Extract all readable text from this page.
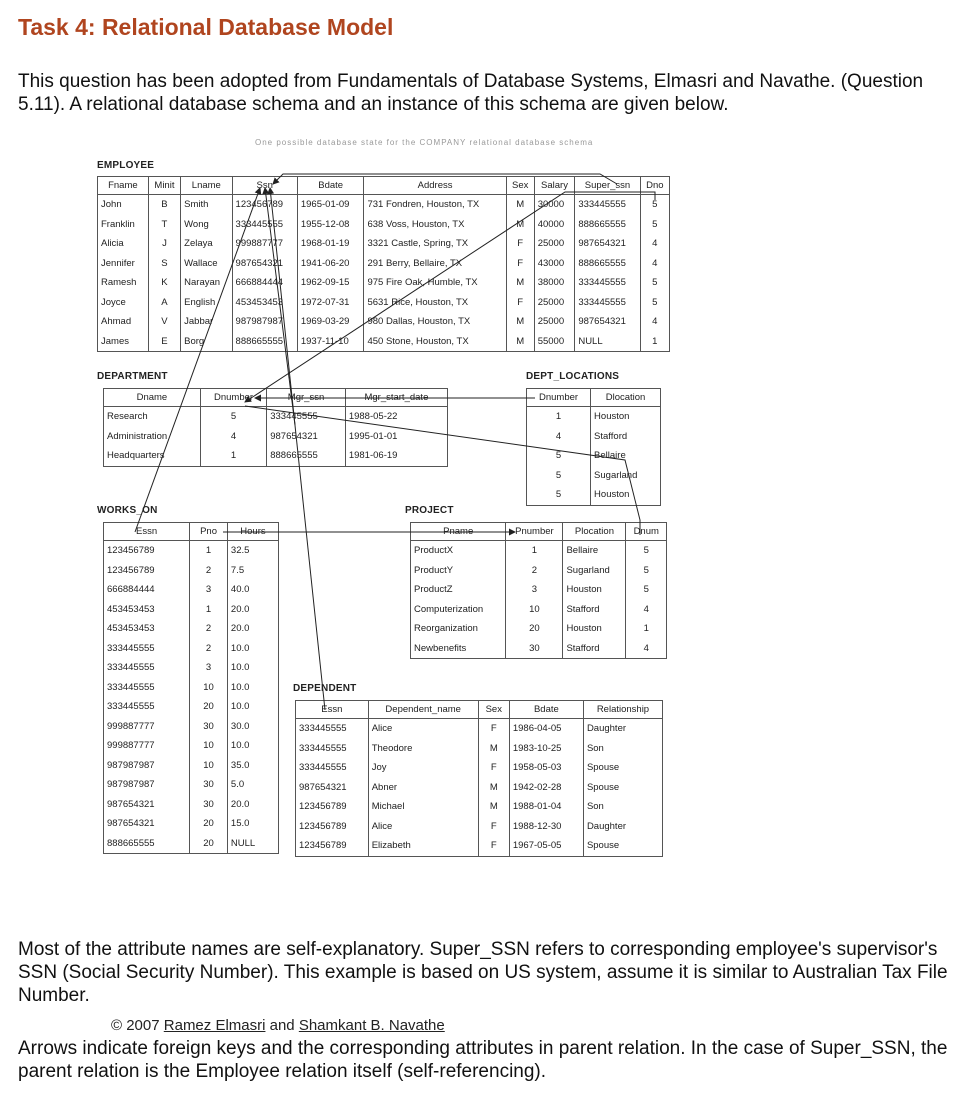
Task 4: Relational Database Model

This question has been adopted from Fundamentals of Database Systems, Elmasri and Navathe. (Question 5.11). A relational database schema and an instance of this schema are given below.

One possible database state for the COMPANY relational database schema
EMPLOYEE
Fname	Minit	Lname	Ssn	Bdate	Address	Sex	Salary	Super_ssn	Dno
John	B	Smith	123456789	1965-01-09	731 Fondren, Houston, TX	M	30000	333445555	5
Franklin	T	Wong	333445555	1955-12-08	638 Voss, Houston, TX	M	40000	888665555	5
Alicia	J	Zelaya	999887777	1968-01-19	3321 Castle, Spring, TX	F	25000	987654321	4
Jennifer	S	Wallace	987654321	1941-06-20	291 Berry, Bellaire, TX	F	43000	888665555	4
Ramesh	K	Narayan	666884444	1962-09-15	975 Fire Oak, Humble, TX	M	38000	333445555	5
Joyce	A	English	453453453	1972-07-31	5631 Rice, Houston, TX	F	25000	333445555	5
Ahmad	V	Jabbar	987987987	1969-03-29	980 Dallas, Houston, TX	M	25000	987654321	4
James	E	Borg	888665555	1937-11-10	450 Stone, Houston, TX	M	55000	NULL	1
DEPARTMENT
Dname	Dnumber	Mgr_ssn	Mgr_start_date
Research	5	333445555	1988-05-22
Administration	4	987654321	1995-01-01
Headquarters	1	888665555	1981-06-19
DEPT_LOCATIONS
Dnumber	Dlocation
1	Houston
4	Stafford
5	Bellaire
5	Sugarland
5	Houston
WORKS_ON
Essn	Pno	Hours
123456789	1	32.5
123456789	2	7.5
666884444	3	40.0
453453453	1	20.0
453453453	2	20.0
333445555	2	10.0
333445555	3	10.0
333445555	10	10.0
333445555	20	10.0
999887777	30	30.0
999887777	10	10.0
987987987	10	35.0
987987987	30	5.0
987654321	30	20.0
987654321	20	15.0
888665555	20	NULL
PROJECT
Pname	Pnumber	Plocation	Dnum
ProductX	1	Bellaire	5
ProductY	2	Sugarland	5
ProductZ	3	Houston	5
Computerization	10	Stafford	4
Reorganization	20	Houston	1
Newbenefits	30	Stafford	4
DEPENDENT
Essn	Dependent_name	Sex	Bdate	Relationship
333445555	Alice	F	1986-04-05	Daughter
333445555	Theodore	M	1983-10-25	Son
333445555	Joy	F	1958-05-03	Spouse
987654321	Abner	M	1942-02-28	Spouse
123456789	Michael	M	1988-01-04	Son
123456789	Alice	F	1988-12-30	Daughter
123456789	Elizabeth	F	1967-05-05	Spouse
© 2007 Ramez Elmasri and Shamkant B. Navathe

Most of the attribute names are self-explanatory. Super_SSN refers to corresponding employee's supervisor's SSN (Social Security Number). This example is based on US system, assume it is similar to Australian Tax File Number.

Arrows indicate foreign keys and the corresponding attributes in parent relation. In the case of Super_SSN, the parent relation is the Employee relation itself (self-referencing).
